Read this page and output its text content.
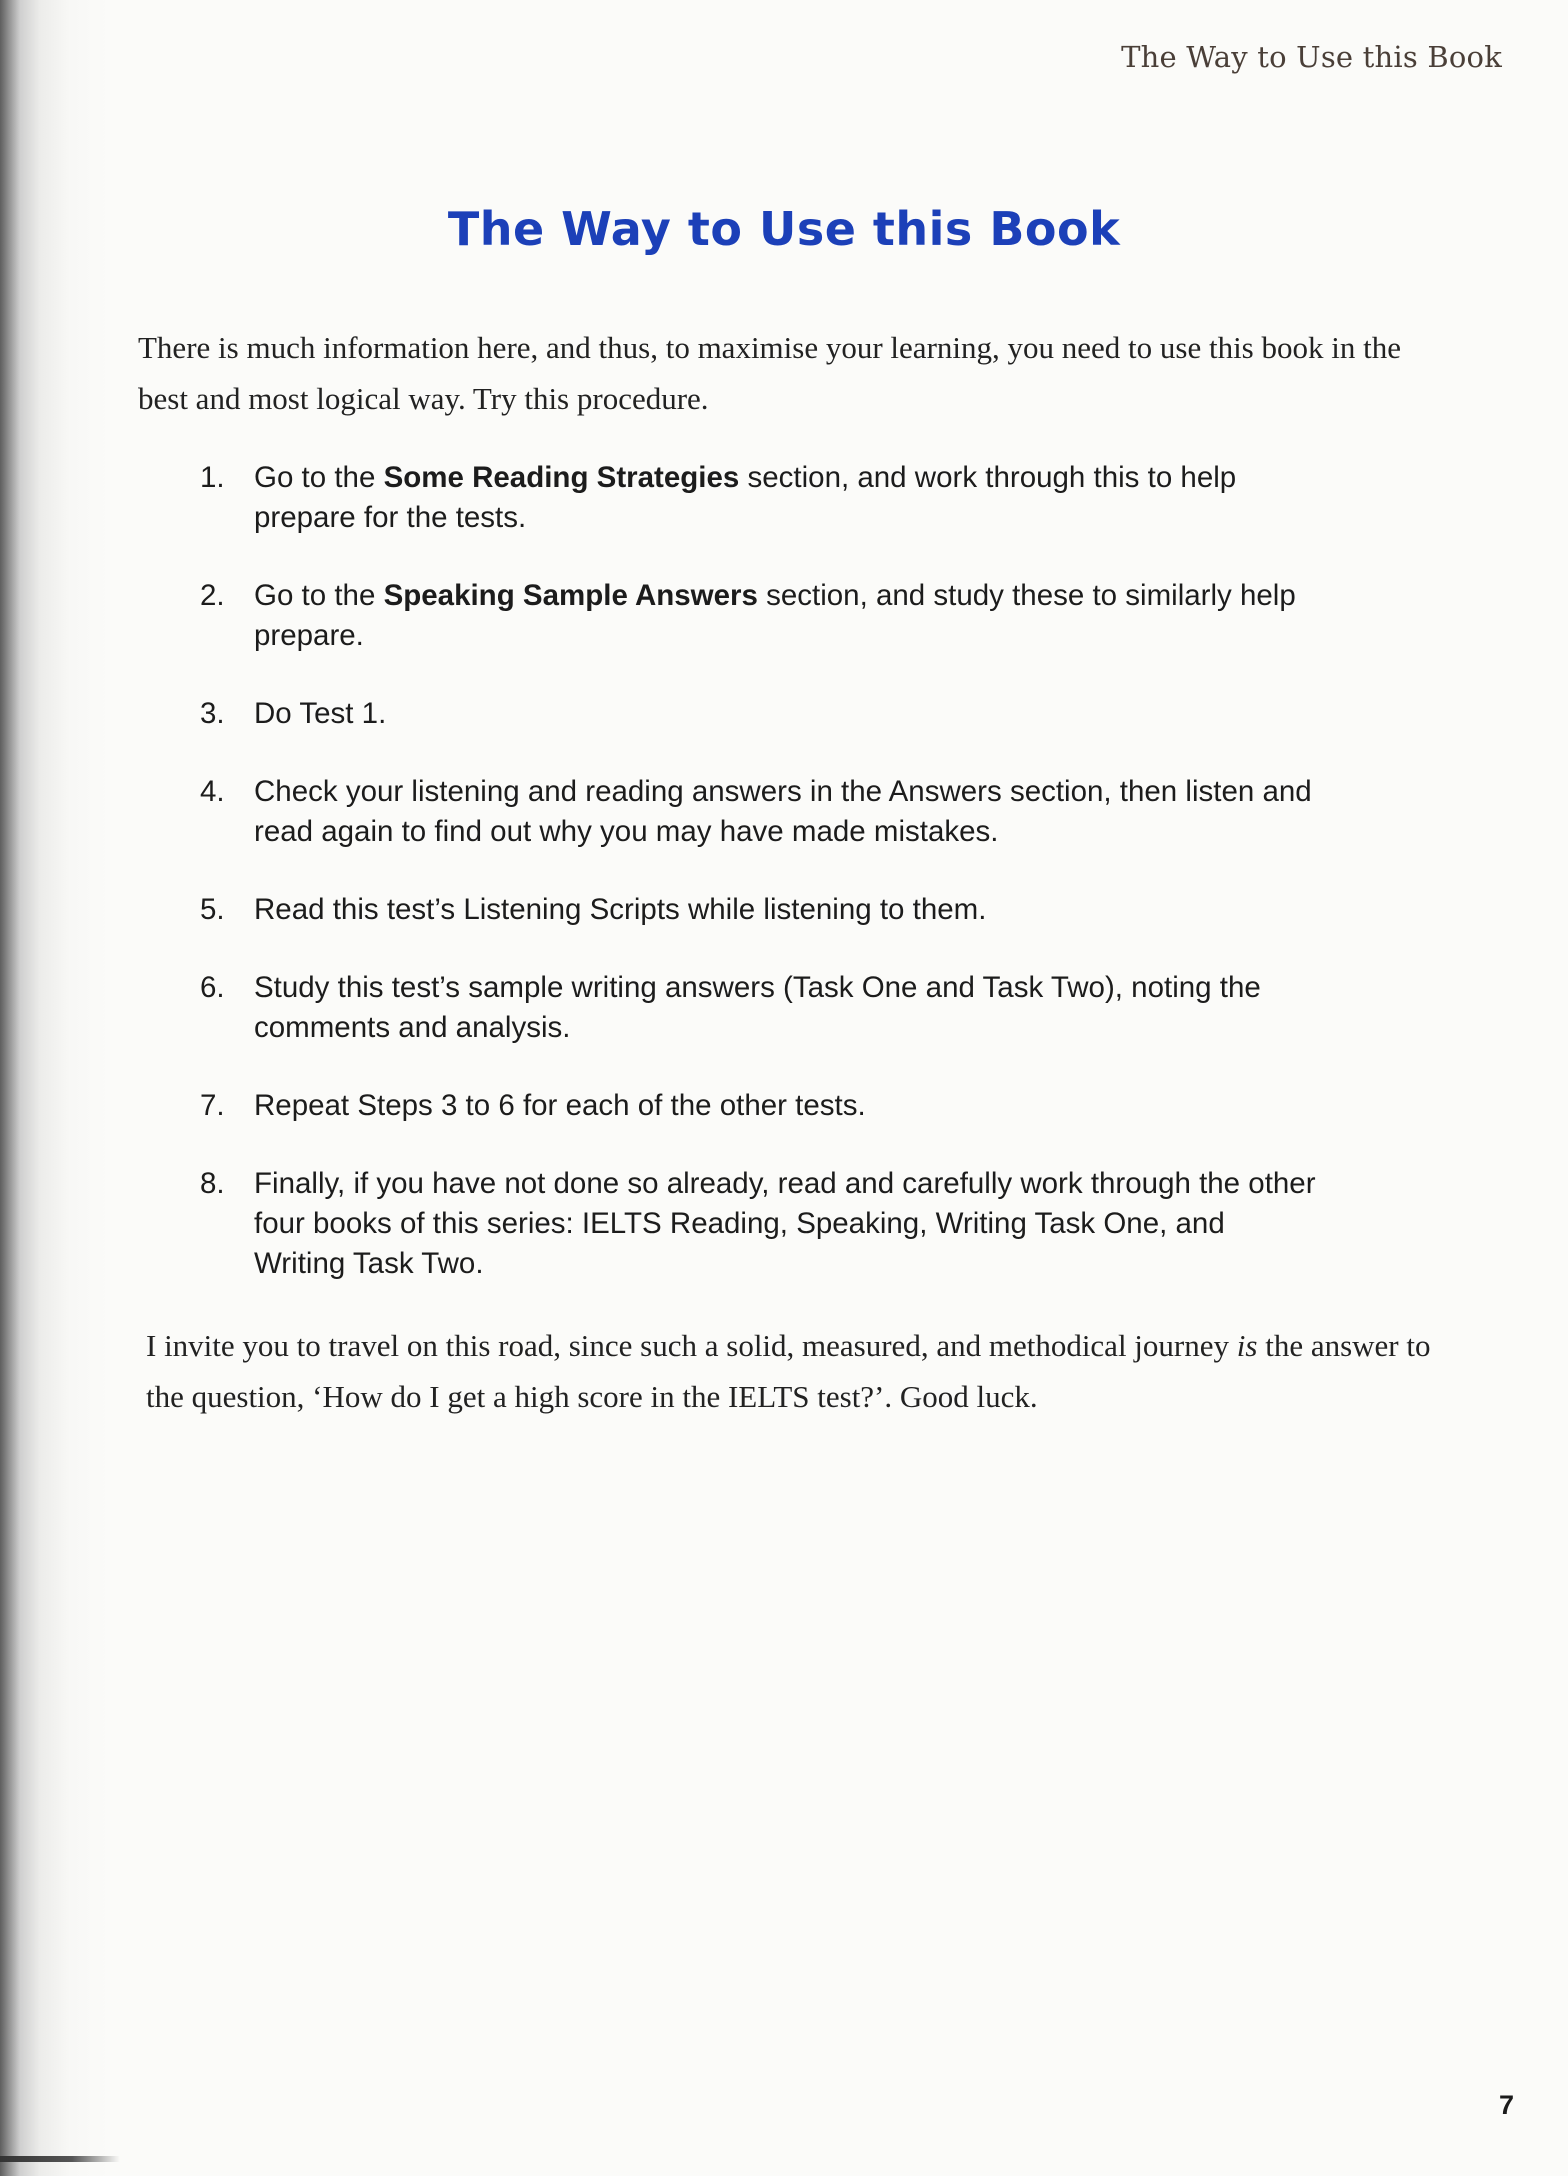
The Way to Use this Book
The Way to Use this Book

There is much information here, and thus, to maximise your learning, you need to use this book in the best and most logical way. Try this procedure.

1. Go to the Some Reading Strategies section, and work through this to help prepare for the tests.
2. Go to the Speaking Sample Answers section, and study these to similarly help prepare.
3. Do Test 1.
4. Check your listening and reading answers in the Answers section, then listen and read again to find out why you may have made mistakes.
5. Read this test’s Listening Scripts while listening to them.
6. Study this test’s sample writing answers (Task One and Task Two), noting the comments and analysis.
7. Repeat Steps 3 to 6 for each of the other tests.
8. Finally, if you have not done so already, read and carefully work through the other four books of this series: IELTS Reading, Speaking, Writing Task One, and Writing Task Two.

I invite you to travel on this road, since such a solid, measured, and methodical journey is the answer to the question, ‘How do I get a high score in the IELTS test?’. Good luck.

7
